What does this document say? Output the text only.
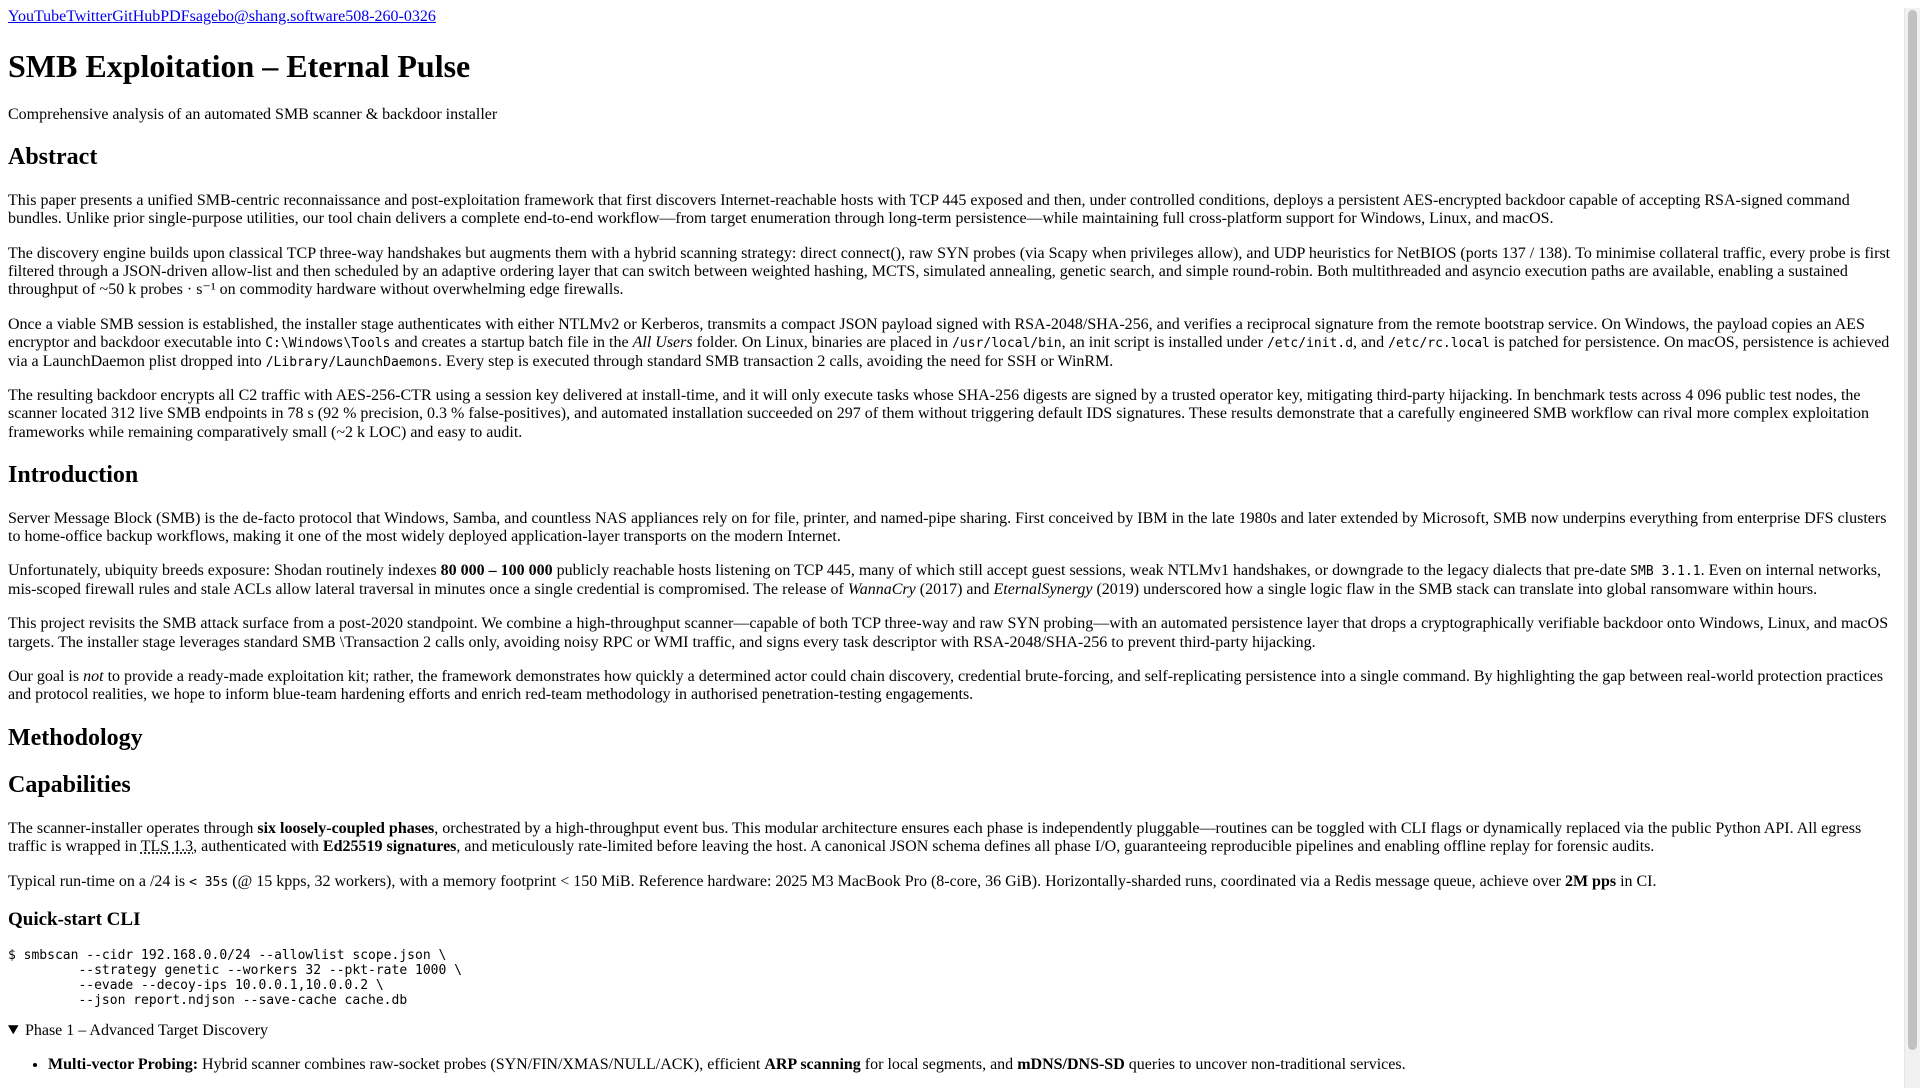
YouTubeTwitterGitHubPDFsagebo@shang.software508-260-0326
SMB Exploitation – Eternal Pulse

Comprehensive analysis of an automated SMB scanner & backdoor installer

Abstract

This paper presents a unified SMB-centric reconnaissance and post-exploitation framework that first discovers Internet-reachable hosts with TCP 445 exposed and then, under controlled conditions, deploys a persistent AES-encrypted backdoor capable of accepting RSA-signed command bundles. Unlike prior single-purpose utilities, our tool chain delivers a complete end-to-end workflow—from target enumeration through long-term persistence—while maintaining full cross-platform support for Windows, Linux, and macOS.

The discovery engine builds upon classical TCP three-way handshakes but augments them with a hybrid scanning strategy: direct connect(), raw SYN probes (via Scapy when privileges allow), and UDP heuristics for NetBIOS (ports 137 / 138). To minimise collateral traffic, every probe is first filtered through a JSON-driven allow-list and then scheduled by an adaptive ordering layer that can switch between weighted hashing, MCTS, simulated annealing, genetic search, and simple round-robin. Both multithreaded and asyncio execution paths are available, enabling a sustained throughput of ~50 k probes · s⁻¹ on commodity hardware without overwhelming edge firewalls.

Once a viable SMB session is established, the installer stage authenticates with either NTLMv2 or Kerberos, transmits a compact JSON payload signed with RSA-2048/SHA-256, and verifies a reciprocal signature from the remote bootstrap service. On Windows, the payload copies an AES encryptor and backdoor executable into C:\Windows\Tools and creates a startup batch file in the All Users folder. On Linux, binaries are placed in /usr/local/bin, an init script is installed under /etc/init.d, and /etc/rc.local is patched for persistence. On macOS, persistence is achieved via a LaunchDaemon plist dropped into /Library/LaunchDaemons. Every step is executed through standard SMB transaction 2 calls, avoiding the need for SSH or WinRM.

The resulting backdoor encrypts all C2 traffic with AES-256-CTR using a session key delivered at install-time, and it will only execute tasks whose SHA-256 digests are signed by a trusted operator key, mitigating third-party hijacking. In benchmark tests across 4 096 public test nodes, the scanner located 312 live SMB endpoints in 78 s (92 % precision, 0.3 % false-positives), and automated installation succeeded on 297 of them without triggering default IDS signatures. These results demonstrate that a carefully engineered SMB workflow can rival more complex exploitation frameworks while remaining comparatively small (~2 k LOC) and easy to audit.

Introduction

Server Message Block (SMB) is the de-facto protocol that Windows, Samba, and countless NAS appliances rely on for file, printer, and named-pipe sharing. First conceived by IBM in the late 1980s and later extended by Microsoft, SMB now underpins everything from enterprise DFS clusters to home-office backup workflows, making it one of the most widely deployed application-layer transports on the modern Internet.

Unfortunately, ubiquity breeds exposure: Shodan routinely indexes 80 000 – 100 000 publicly reachable hosts listening on TCP 445, many of which still accept guest sessions, weak NTLMv1 handshakes, or downgrade to the legacy dialects that pre-date SMB 3.1.1. Even on internal networks, mis-scoped firewall rules and stale ACLs allow lateral traversal in minutes once a single credential is compromised. The release of WannaCry (2017) and EternalSynergy (2019) underscored how a single logic flaw in the SMB stack can translate into global ransomware within hours.

This project revisits the SMB attack surface from a post-2020 standpoint. We combine a high-throughput scanner—capable of both TCP three-way and raw SYN probing—with an automated persistence layer that drops a cryptographically verifiable backdoor onto Windows, Linux, and macOS targets. The installer stage leverages standard SMB \Transaction 2 calls only, avoiding noisy RPC or WMI traffic, and signs every task descriptor with RSA-2048/SHA-256 to prevent third-party hijacking.

Our goal is not to provide a ready-made exploitation kit; rather, the framework demonstrates how quickly a determined actor could chain discovery, credential brute-forcing, and self-replicating persistence into a single command. By highlighting the gap between real-world protection practices and protocol realities, we hope to inform blue-team hardening efforts and enrich red-team methodology in authorised penetration-testing engagements.

Methodology
Capabilities

The scanner-installer operates through six loosely-coupled phases, orchestrated by a high-throughput event bus. This modular architecture ensures each phase is independently pluggable—routines can be toggled with CLI flags or dynamically replaced via the public Python API. All egress traffic is wrapped in TLS 1.3, authenticated with Ed25519 signatures, and meticulously rate-limited before leaving the host. A canonical JSON schema defines all phase I/O, guaranteeing reproducible pipelines and enabling offline replay for forensic audits.

Typical run-time on a /24 is < 35s (@ 15 kpps, 32 workers), with a memory footprint < 150 MiB. Reference hardware: 2025 M3 MacBook Pro (8-core, 36 GiB). Horizontally-sharded runs, coordinated via a Redis message queue, achieve over 2M pps in CI.

Quick-start CLI
$ smbscan --cidr 192.168.0.0/24 --allowlist scope.json \
--strategy genetic --workers 32 --pkt-rate 1000 \
--evade --decoy-ips 10.0.0.1,10.0.0.2 \
--json report.ndjson --save-cache cache.db
Phase 1 – Advanced Target Discovery
• Multi-vector Probing: Hybrid scanner combines raw-socket probes (SYN/FIN/XMAS/NULL/ACK), efficient ARP scanning for local segments, and mDNS/DNS-SD queries to uncover non-traditional services.
